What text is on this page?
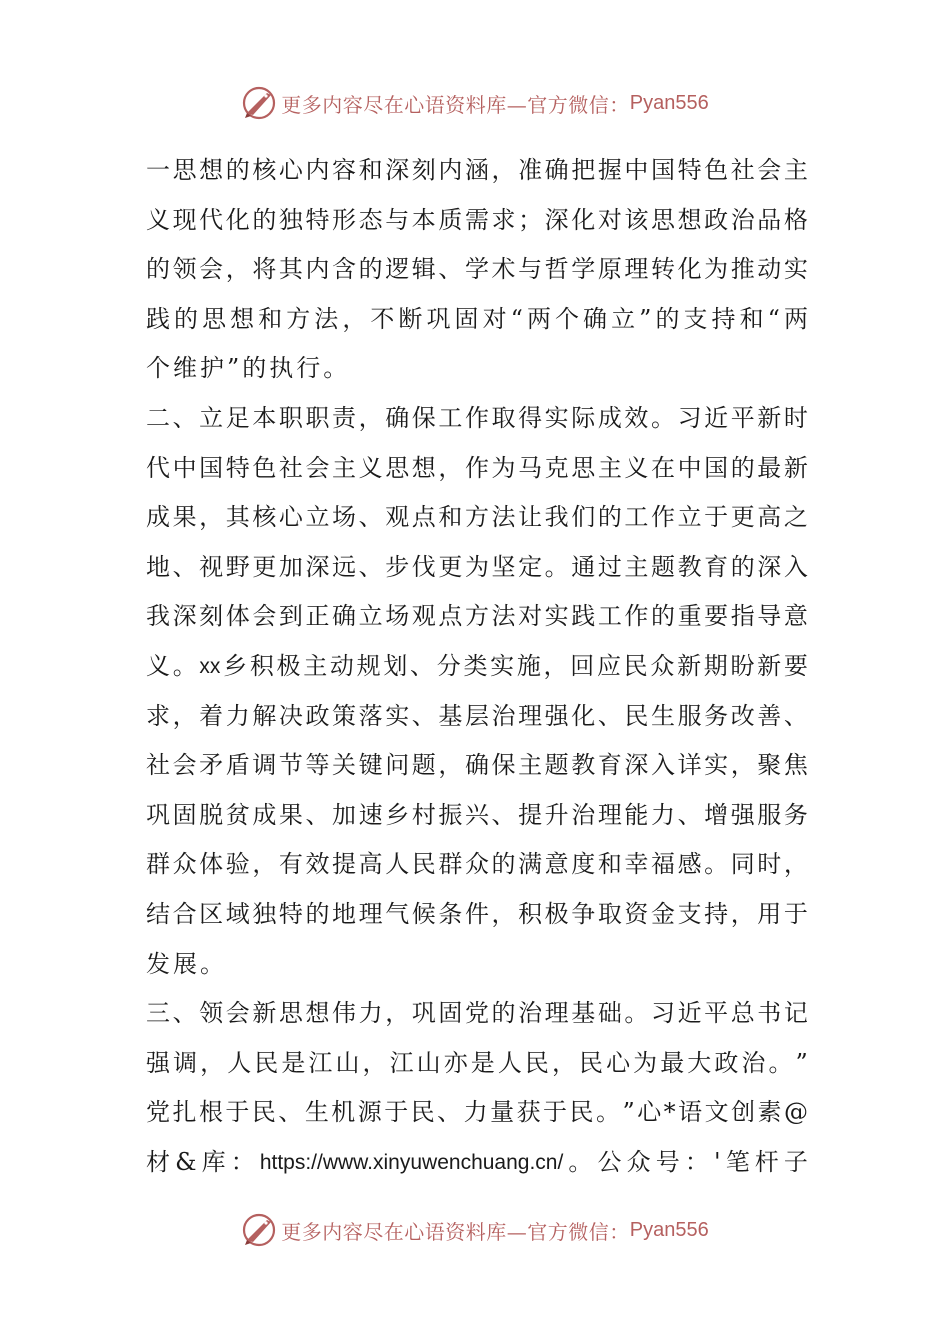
更多内容尽在心语资料库—官方微信： Pyan556
一 思 想 的 核 心 内 容 和 深 刻 内 涵 ， 准 确 把 握 中 国 特 色 社 会 主
义 现 代 化 的 独 特 形 态 与 本 质 需 求 ； 深 化 对 该 思 想 政 治 品 格
的 领 会 ， 将 其 内 含 的 逻 辑 、 学 术 与 哲 学 原 理 转 化 为 推 动 实
践 的 思 想 和 方 法 ， 不 断 巩 固 对 “ 两 个 确 立 ” 的 支 持 和 “ 两
个 维 护 ” 的 执 行 。
二 、 立 足 本 职 职 责 ， 确 保 工 作 取 得 实 际 成 效 。 习 近 平 新 时
代 中 国 特 色 社 会 主 义 思 想 ， 作 为 马 克 思 主 义 在 中 国 的 最 新
成 果 ， 其 核 心 立 场 、 观 点 和 方 法 让 我 们 的 工 作 立 于 更 高 之
地 、 视 野 更 加 深 远 、 步 伐 更 为 坚 定 。 通 过 主 题 教 育 的 深 入
我 深 刻 体 会 到 正 确 立 场 观 点 方 法 对 实 践 工 作 的 重 要 指 导 意
义 。 xx 乡 积 极 主 动 规 划 、 分 类 实 施 ， 回 应 民 众 新 期 盼 新 要
求 ， 着 力 解 决 政 策 落 实 、 基 层 治 理 强 化 、 民 生 服 务 改 善 、
社 会 矛 盾 调 节 等 关 键 问 题 ， 确 保 主 题 教 育 深 入 详 实 ， 聚 焦
巩 固 脱 贫 成 果 、 加 速 乡 村 振 兴 、 提 升 治 理 能 力 、 增 强 服 务
群 众 体 验 ， 有 效 提 高 人 民 群 众 的 满 意 度 和 幸 福 感 。 同 时 ，
结 合 区 域 独 特 的 地 理 气 候 条 件 ， 积 极 争 取 资 金 支 持 ， 用 于
发 展 。
三 、 领 会 新 思 想 伟 力 ， 巩 固 党 的 治 理 基 础 。 习 近 平 总 书 记
强 调 ， 人 民 是 江 山 ， 江 山 亦 是 人 民 ， 民 心 为 最 大 政 治 。 ”
党 扎 根 于 民 、 生 机 源 于 民 、 力 量 获 于 民 。 ” 心 * 语 文 创 素 @
材 & 库 ： https://www.xinyuwenchuang.cn/ 。 公 众 号 ： ' 笔 杆 子
更多内容尽在心语资料库—官方微信： Pyan556
